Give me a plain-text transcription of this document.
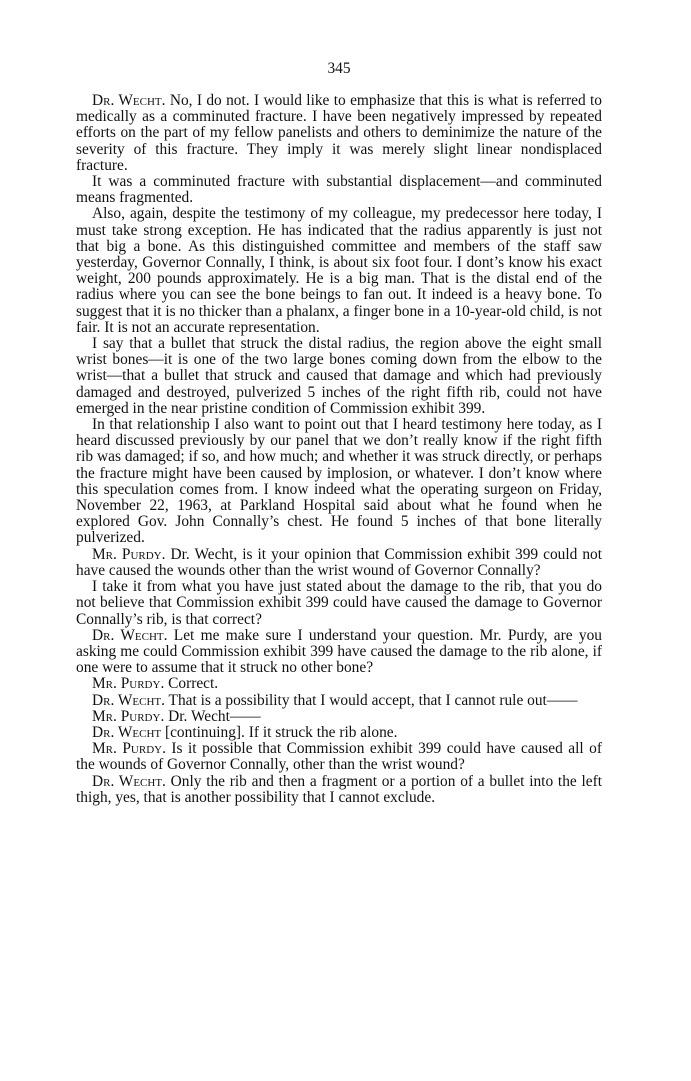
345

Dr. Wecht. No, I do not. I would like to emphasize that this is what is referred to medically as a comminuted fracture. I have been negatively impressed by repeated efforts on the part of my fellow panelists and others to deminimize the nature of the severity of this fracture. They imply it was merely slight linear nondisplaced fracture.

It was a comminuted fracture with substantial displacement—and comminuted means fragmented.

Also, again, despite the testimony of my colleague, my predecessor here today, I must take strong exception. He has indicated that the radius apparently is just not that big a bone. As this distinguished committee and members of the staff saw yesterday, Governor Connally, I think, is about six foot four. I dont’s know his exact weight, 200 pounds approximately. He is a big man. That is the distal end of the radius where you can see the bone beings to fan out. It indeed is a heavy bone. To suggest that it is no thicker than a phalanx, a finger bone in a 10-year-old child, is not fair. It is not an accurate representation.

I say that a bullet that struck the distal radius, the region above the eight small wrist bones—it is one of the two large bones coming down from the elbow to the wrist—that a bullet that struck and caused that damage and which had previously damaged and destroyed, pulverized 5 inches of the right fifth rib, could not have emerged in the near pristine condition of Commission exhibit 399.

In that relationship I also want to point out that I heard testimony here today, as I heard discussed previously by our panel that we don’t really know if the right fifth rib was damaged; if so, and how much; and whether it was struck directly, or perhaps the fracture might have been caused by implosion, or whatever. I don’t know where this speculation comes from. I know indeed what the operating surgeon on Friday, November 22, 1963, at Parkland Hospital said about what he found when he explored Gov. John Connally’s chest. He found 5 inches of that bone literally pulverized.

Mr. Purdy. Dr. Wecht, is it your opinion that Commission exhibit 399 could not have caused the wounds other than the wrist wound of Governor Connally?

I take it from what you have just stated about the damage to the rib, that you do not believe that Commission exhibit 399 could have caused the damage to Governor Connally’s rib, is that correct?

Dr. Wecht. Let me make sure I understand your question. Mr. Purdy, are you asking me could Commission exhibit 399 have caused the damage to the rib alone, if one were to assume that it struck no other bone?

Mr. Purdy. Correct.

Dr. Wecht. That is a possibility that I would accept, that I cannot rule out——

Mr. Purdy. Dr. Wecht——

Dr. Wecht [continuing]. If it struck the rib alone.

Mr. Purdy. Is it possible that Commission exhibit 399 could have caused all of the wounds of Governor Connally, other than the wrist wound?

Dr. Wecht. Only the rib and then a fragment or a portion of a bullet into the left thigh, yes, that is another possibility that I cannot exclude.
